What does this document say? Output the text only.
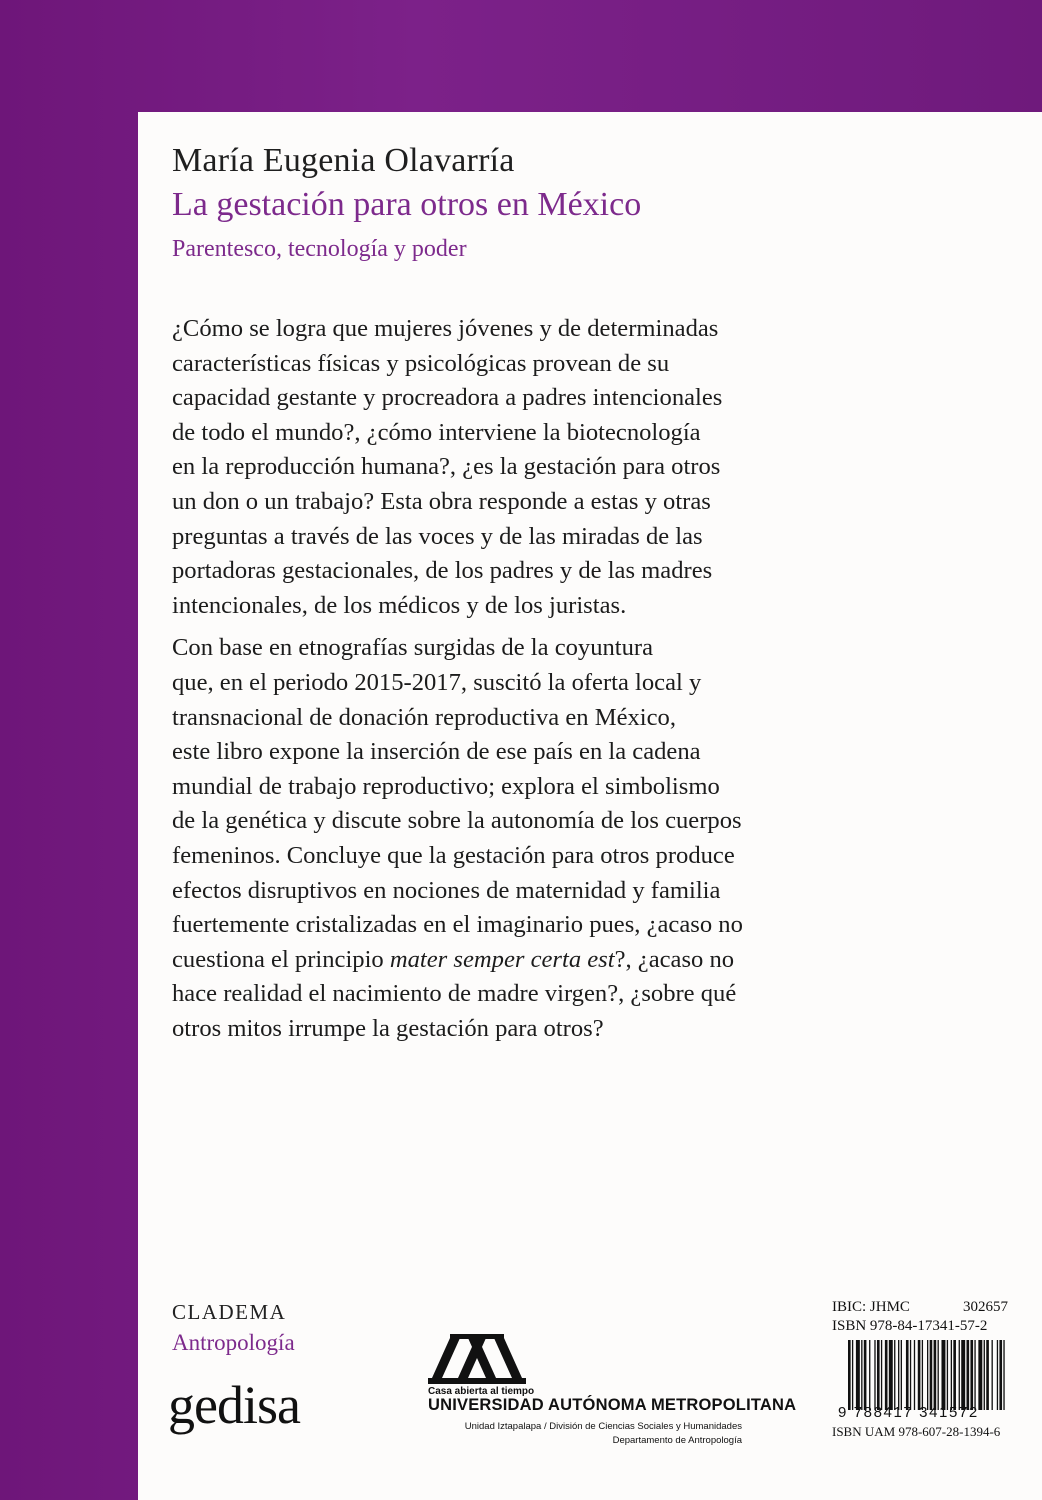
María Eugenia Olavarría
La gestación para otros en México
Parentesco, tecnología y poder

¿Cómo se logra que mujeres jóvenes y de determinadas
características físicas y psicológicas provean de su
capacidad gestante y procreadora a padres intencionales
de todo el mundo?, ¿cómo interviene la biotecnología
en la reproducción humana?, ¿es la gestación para otros
un don o un trabajo? Esta obra responde a estas y otras
preguntas a través de las voces y de las miradas de las
portadoras gestacionales, de los padres y de las madres
intencionales, de los médicos y de los juristas.

Con base en etnografías surgidas de la coyuntura
que, en el periodo 2015-2017, suscitó la oferta local y
transnacional de donación reproductiva en México,
este libro expone la inserción de ese país en la cadena
mundial de trabajo reproductivo; explora el simbolismo
de la genética y discute sobre la autonomía de los cuerpos
femeninos. Concluye que la gestación para otros produce
efectos disruptivos en nociones de maternidad y familia
fuertemente cristalizadas en el imaginario pues, ¿acaso no
cuestiona el principio mater semper certa est?, ¿acaso no
hace realidad el nacimiento de madre virgen?, ¿sobre qué
otros mitos irrumpe la gestación para otros?

CLADEMA
Antropología
gedisa	Casa abierta al tiempo
UNIVERSIDAD AUTÓNOMA METROPOLITANA
Unidad Iztapalapa / División de Ciencias Sociales y Humanidades
Departamento de Antropología
IBIC: JHMC	302657
ISBN 978-84-17341-57-2
9 788417 341572
ISBN UAM 978-607-28-1394-6
